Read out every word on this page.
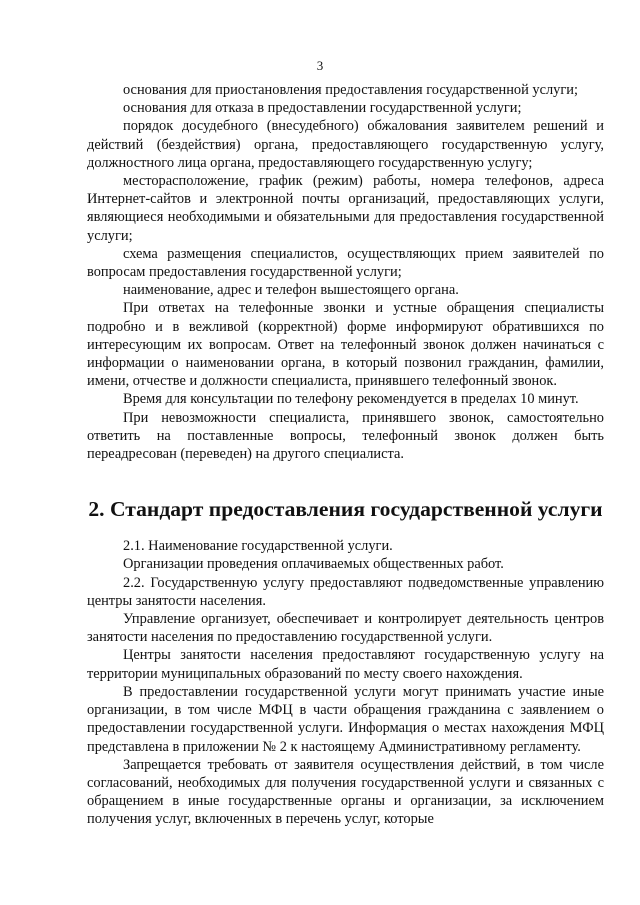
3

основания для приостановления предоставления государственной услуги;

основания для отказа в предоставлении государственной услуги;

порядок досудебного (внесудебного) обжалования заявителем решений и действий (бездействия) органа, предоставляющего государственную услугу, должностного лица органа, предоставляющего государственную услугу;

месторасположение, график (режим) работы, номера телефонов, адреса Интернет-сайтов и электронной почты организаций, предоставляющих услуги, являющиеся необходимыми и обязательными для предоставления государственной услуги;

схема размещения специалистов, осуществляющих прием заявителей по вопросам предоставления государственной услуги;

наименование, адрес и телефон вышестоящего органа.

При ответах на телефонные звонки и устные обращения специалисты подробно и в вежливой (корректной) форме информируют обратившихся по интересующим их вопросам. Ответ на телефонный звонок должен начинаться с информации о наименовании органа, в который позвонил гражданин, фамилии, имени, отчестве и должности специалиста, принявшего телефонный звонок.

Время для консультации по телефону рекомендуется в пределах 10 минут.

При невозможности специалиста, принявшего звонок, самостоятельно ответить на поставленные вопросы, телефонный звонок должен быть переадресован (переведен) на другого специалиста.

2. Стандарт предоставления государственной услуги

2.1. Наименование государственной услуги.

Организации проведения оплачиваемых общественных работ.

2.2. Государственную услугу предоставляют подведомственные управлению центры занятости населения.

Управление организует, обеспечивает и контролирует деятельность центров занятости населения по предоставлению государственной услуги.

Центры занятости населения предоставляют государственную услугу на территории муниципальных образований по месту своего нахождения.

В предоставлении государственной услуги могут принимать участие иные организации, в том числе МФЦ в части обращения гражданина с заявлением о предоставлении государственной услуги. Информация о местах нахождения МФЦ представлена в приложении № 2 к настоящему Административному регламенту.

Запрещается требовать от заявителя осуществления действий, в том числе согласований, необходимых для получения государственной услуги и связанных с обращением в иные государственные органы и организации, за исключением получения услуг, включенных в перечень услуг, которые
